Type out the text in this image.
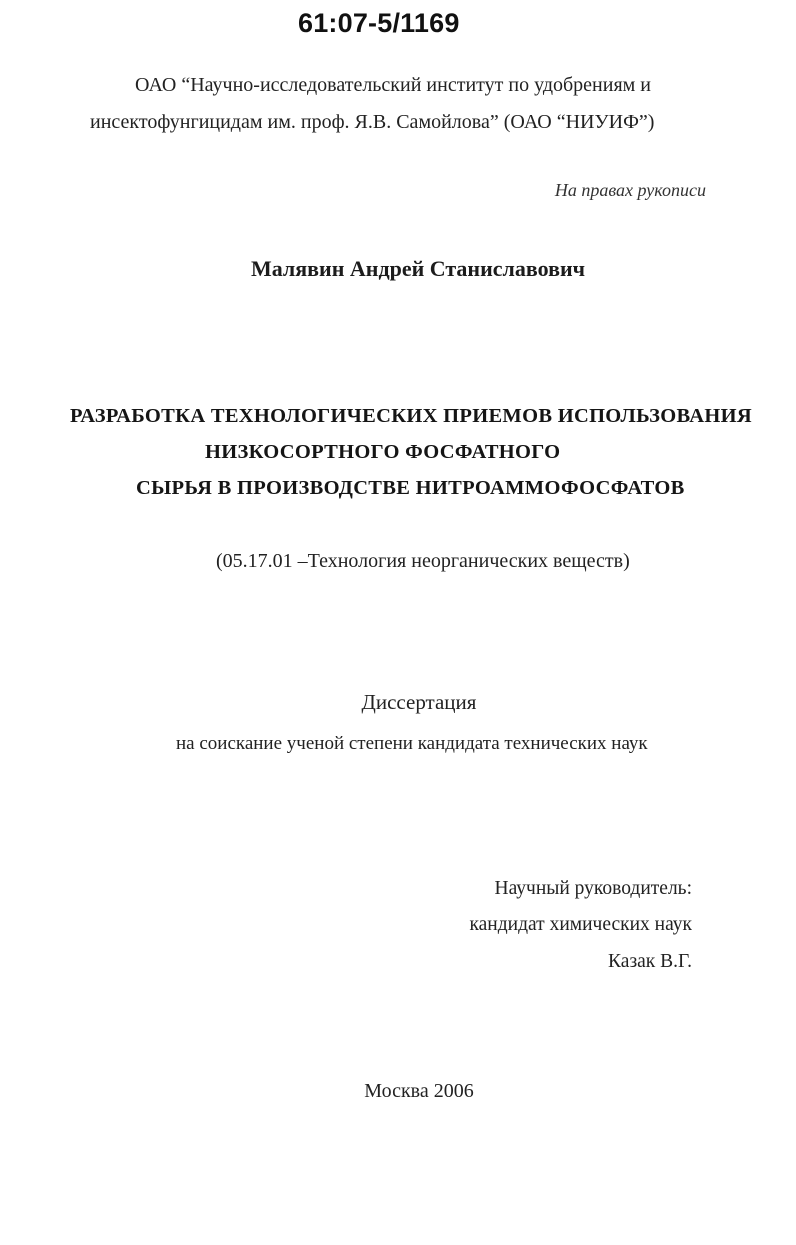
61:07-5/1169
ОАО “Научно-исследовательский институт по удобрениям и
инсектофунгицидам им. проф. Я.В. Самойлова” (ОАО “НИУИФ”)
На правах рукописи
Малявин Андрей Станиславович
РАЗРАБОТКА ТЕХНОЛОГИЧЕСКИХ ПРИЕМОВ ИСПОЛЬЗОВАНИЯ
НИЗКОСОРТНОГО ФОСФАТНОГО
СЫРЬЯ В ПРОИЗВОДСТВЕ НИТРОАММОФОСФАТОВ
(05.17.01 –Технология неорганических веществ)
Диссертация
на соискание ученой степени кандидата технических наук
Научный руководитель:
кандидат химических наук
Казак В.Г.
Москва 2006
